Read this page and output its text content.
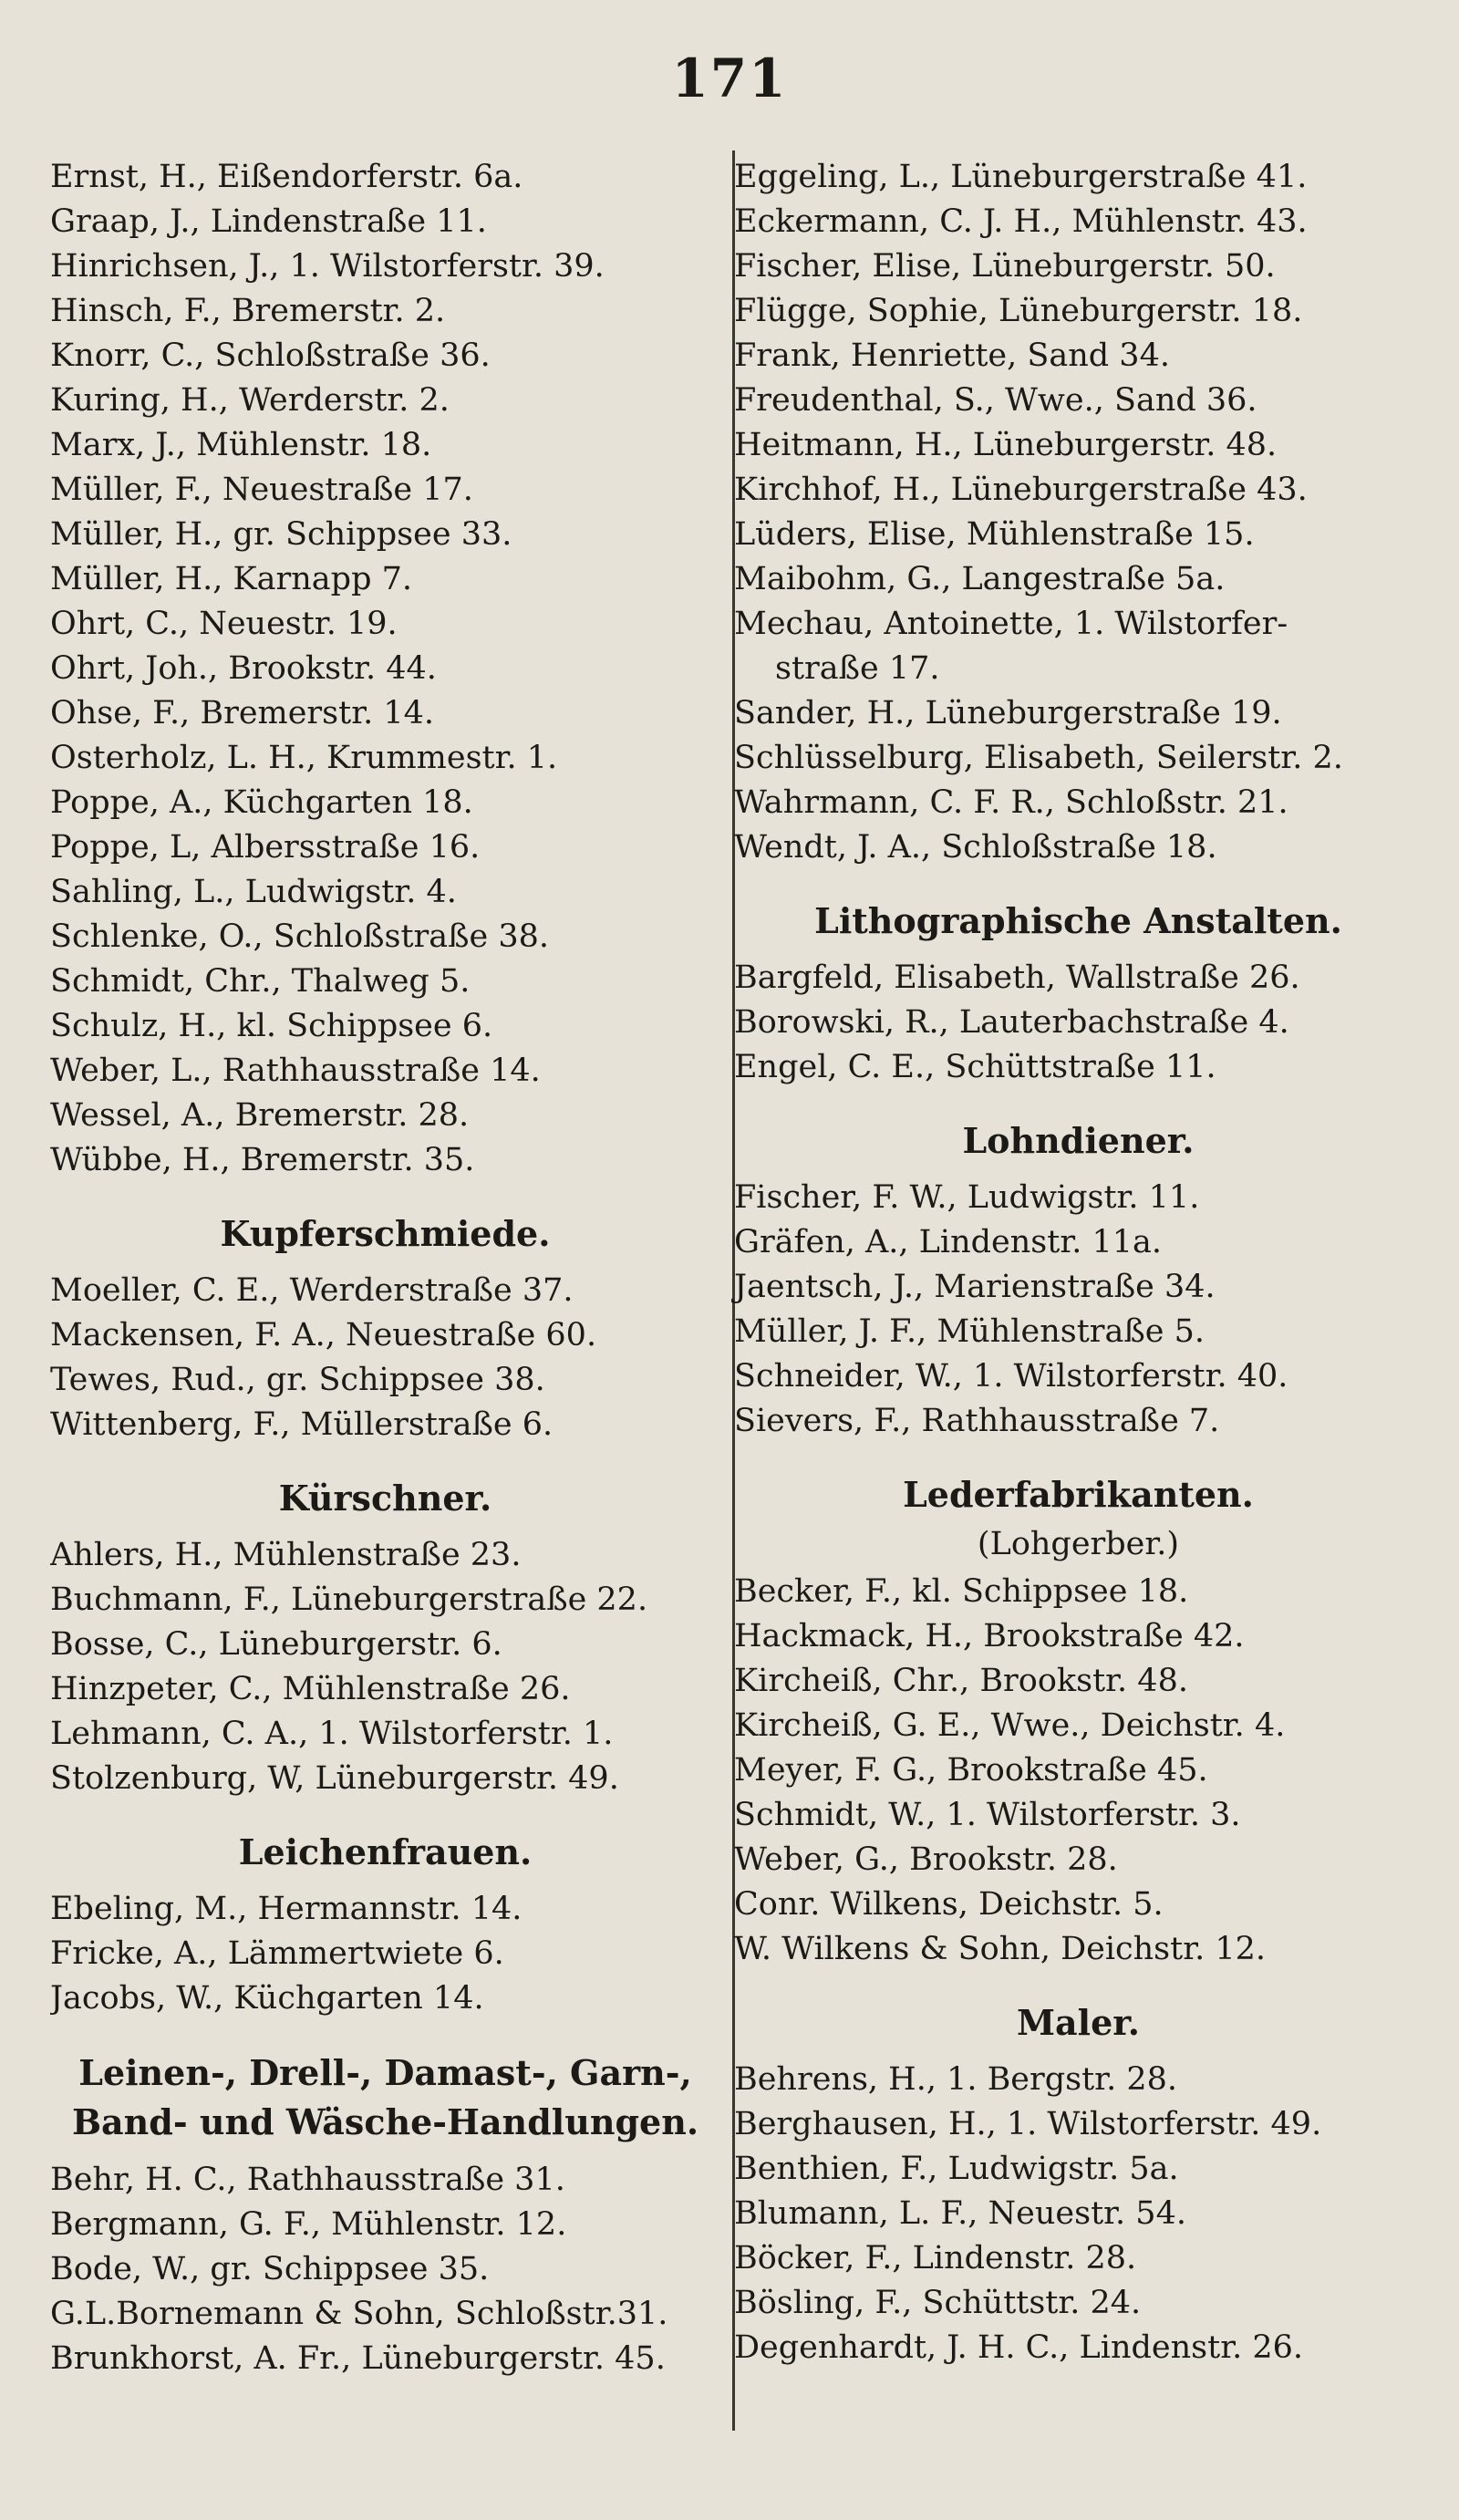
171
Ernst, H., Eißendorferstr. 6a.
Graap, J., Lindenstraße 11.
Hinrichsen, J., 1. Wilstorferstr. 39.
Hinsch, F., Bremerstr. 2.
Knorr, C., Schloßstraße 36.
Kuring, H., Werderstr. 2.
Marx, J., Mühlenstr. 18.
Müller, F., Neuestraße 17.
Müller, H., gr. Schippsee 33.
Müller, H., Karnapp 7.
Ohrt, C., Neuestr. 19.
Ohrt, Joh., Brookstr. 44.
Ohse, F., Bremerstr. 14.
Osterholz, L. H., Krummestr. 1.
Poppe, A., Küchgarten 18.
Poppe, L, Albersstraße 16.
Sahling, L., Ludwigstr. 4.
Schlenke, O., Schloßstraße 38.
Schmidt, Chr., Thalweg 5.
Schulz, H., kl. Schippsee 6.
Weber, L., Rathhausstraße 14.
Wessel, A., Bremerstr. 28.
Wübbe, H., Bremerstr. 35.
Kupferschmiede.
Moeller, C. E., Werderstraße 37.
Mackensen, F. A., Neuestraße 60.
Tewes, Rud., gr. Schippsee 38.
Wittenberg, F., Müllerstraße 6.
Kürschner.
Ahlers, H., Mühlenstraße 23.
Buchmann, F., Lüneburgerstraße 22.
Bosse, C., Lüneburgerstr. 6.
Hinzpeter, C., Mühlenstraße 26.
Lehmann, C. A., 1. Wilstorferstr. 1.
Stolzenburg, W, Lüneburgerstr. 49.
Leichenfrauen.
Ebeling, M., Hermannstr. 14.
Fricke, A., Lämmertwiete 6.
Jacobs, W., Küchgarten 14.
Leinen-, Drell-, Damast-, Garn-,
Band- und Wäsche-Handlungen.
Behr, H. C., Rathhausstraße 31.
Bergmann, G. F., Mühlenstr. 12.
Bode, W., gr. Schippsee 35.
G.L.Bornemann & Sohn, Schloßstr.31.
Brunkhorst, A. Fr., Lüneburgerstr. 45.
Eggeling, L., Lüneburgerstraße 41.
Eckermann, C. J. H., Mühlenstr. 43.
Fischer, Elise, Lüneburgerstr. 50.
Flügge, Sophie, Lüneburgerstr. 18.
Frank, Henriette, Sand 34.
Freudenthal, S., Wwe., Sand 36.
Heitmann, H., Lüneburgerstr. 48.
Kirchhof, H., Lüneburgerstraße 43.
Lüders, Elise, Mühlenstraße 15.
Maibohm, G., Langestraße 5a.
Mechau, Antoinette, 1. Wilstorfer-
straße 17.
Sander, H., Lüneburgerstraße 19.
Schlüsselburg, Elisabeth, Seilerstr. 2.
Wahrmann, C. F. R., Schloßstr. 21.
Wendt, J. A., Schloßstraße 18.
Lithographische Anstalten.
Bargfeld, Elisabeth, Wallstraße 26.
Borowski, R., Lauterbachstraße 4.
Engel, C. E., Schüttstraße 11.
Lohndiener.
Fischer, F. W., Ludwigstr. 11.
Gräfen, A., Lindenstr. 11a.
Jaentsch, J., Marienstraße 34.
Müller, J. F., Mühlenstraße 5.
Schneider, W., 1. Wilstorferstr. 40.
Sievers, F., Rathhausstraße 7.
Lederfabrikanten.
(Lohgerber.)
Becker, F., kl. Schippsee 18.
Hackmack, H., Brookstraße 42.
Kircheiß, Chr., Brookstr. 48.
Kircheiß, G. E., Wwe., Deichstr. 4.
Meyer, F. G., Brookstraße 45.
Schmidt, W., 1. Wilstorferstr. 3.
Weber, G., Brookstr. 28.
Conr. Wilkens, Deichstr. 5.
W. Wilkens & Sohn, Deichstr. 12.
Maler.
Behrens, H., 1. Bergstr. 28.
Berghausen, H., 1. Wilstorferstr. 49.
Benthien, F., Ludwigstr. 5a.
Blumann, L. F., Neuestr. 54.
Böcker, F., Lindenstr. 28.
Bösling, F., Schüttstr. 24.
Degenhardt, J. H. C., Lindenstr. 26.
